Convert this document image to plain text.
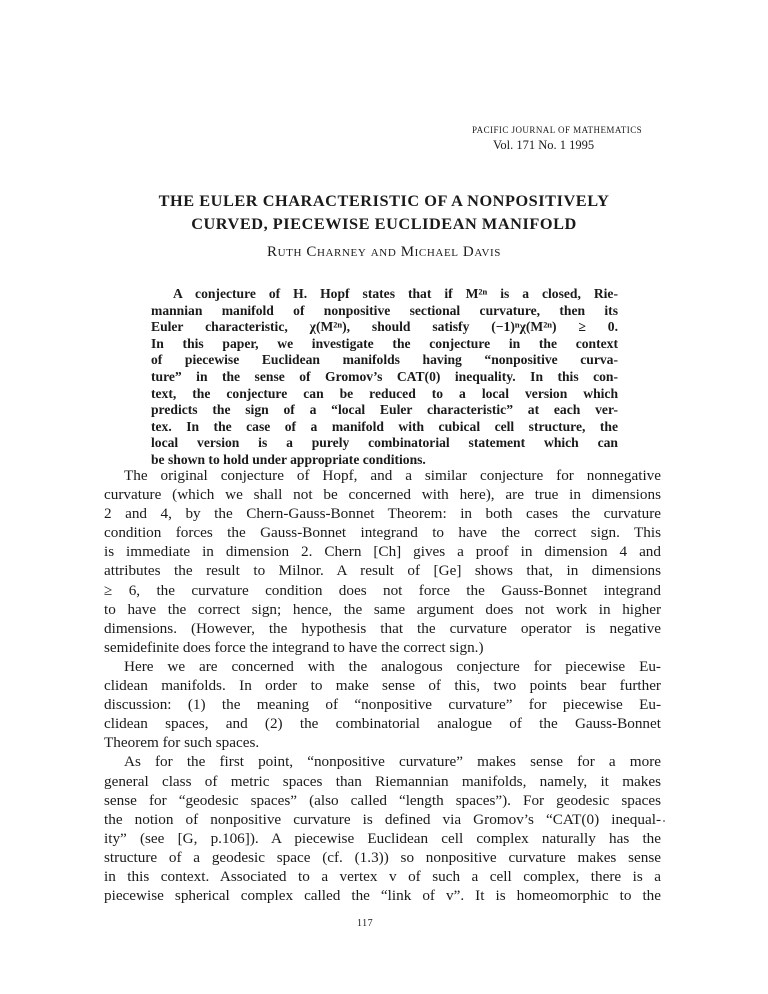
PACIFIC JOURNAL OF MATHEMATICS
Vol. 171 No. 1 1995
THE EULER CHARACTERISTIC OF A NONPOSITIVELY
CURVED, PIECEWISE EUCLIDEAN MANIFOLD
Ruth Charney and Michael Davis
A conjecture of H. Hopf states that if M²ⁿ is a closed, Rie-
mannian manifold of nonpositive sectional curvature, then its
Euler characteristic, χ(M²ⁿ), should satisfy (−1)ⁿχ(M²ⁿ) ≥ 0.
In this paper, we investigate the conjecture in the context
of piecewise Euclidean manifolds having “nonpositive curva-
ture” in the sense of Gromov’s CAT(0) inequality. In this con-
text, the conjecture can be reduced to a local version which
predicts the sign of a “local Euler characteristic” at each ver-
tex. In the case of a manifold with cubical cell structure, the
local version is a purely combinatorial statement which can
be shown to hold under appropriate conditions.
The original conjecture of Hopf, and a similar conjecture for nonnegative
curvature (which we shall not be concerned with here), are true in dimensions
2 and 4, by the Chern-Gauss-Bonnet Theorem: in both cases the curvature
condition forces the Gauss-Bonnet integrand to have the correct sign. This
is immediate in dimension 2. Chern [Ch] gives a proof in dimension 4 and
attributes the result to Milnor. A result of [Ge] shows that, in dimensions
≥ 6, the curvature condition does not force the Gauss-Bonnet integrand
to have the correct sign; hence, the same argument does not work in higher
dimensions. (However, the hypothesis that the curvature operator is negative
semidefinite does force the integrand to have the correct sign.)
Here we are concerned with the analogous conjecture for piecewise Eu-
clidean manifolds. In order to make sense of this, two points bear further
discussion: (1) the meaning of “nonpositive curvature” for piecewise Eu-
clidean spaces, and (2) the combinatorial analogue of the Gauss-Bonnet
Theorem for such spaces.
As for the first point, “nonpositive curvature” makes sense for a more
general class of metric spaces than Riemannian manifolds, namely, it makes
sense for “geodesic spaces” (also called “length spaces”). For geodesic spaces
the notion of nonpositive curvature is defined via Gromov’s “CAT(0) inequal-
ity” (see [G, p.106]). A piecewise Euclidean cell complex naturally has the
structure of a geodesic space (cf. (1.3)) so nonpositive curvature makes sense
in this context. Associated to a vertex v of such a cell complex, there is a
piecewise spherical complex called the “link of v”. It is homeomorphic to the
117
